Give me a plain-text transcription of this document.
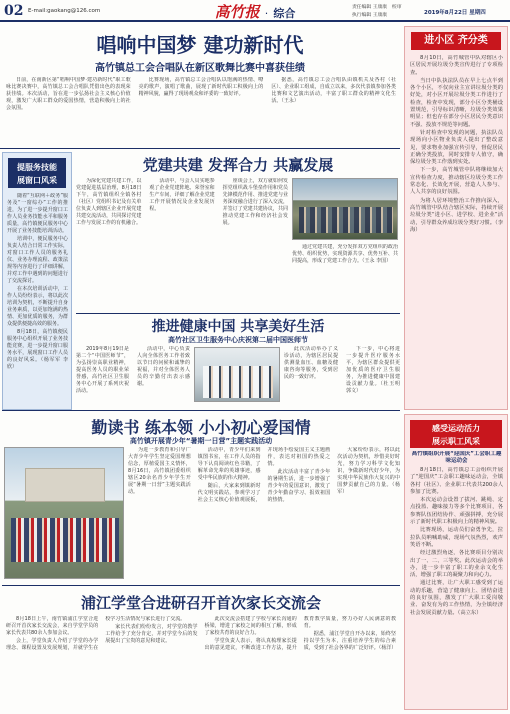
02 E-mail:gaokang@126.com	高竹报 · 综合	责任编辑 王康康　校审
执行编辑 王康康	2019年8月22日 星期四
唱响中国梦 建功新时代
高竹镇总工会合唱队在新区歌舞比赛中喜获佳绩

日前，在南新区第“唱响中国梦·建功新时代”职工歌咏比赛决赛中，高竹镇总工会合唱队凭借出色的表现荣获佳绩。本次活动，旨在进一步弘扬社会主义核心价值观，激发广大职工群众的爱国热情，营造积极向上的社会氛围。

比赛现场，高竹镇总工会合唱队以饱满的热情、嘹亮的歌声，演唱了歌曲，展现了新时代职工积极向上的精神风貌，赢得了现场观众和评委的一致好评。

据悉，高竹镇总工会合唱队由镇机关及各村（社区）、企业职工组成，自成立以来，多次代表镇参加各类比赛和文艺演出活动，丰富了职工群众的精神文化生活。（王永）

进小区 齐分类

8月10日，高竹城管中队对辖区小区居民开展垃圾分类宣传进行了专项检查。

当日中队执法队员在早上七点半到各个小区，不仅向业主宣讲垃圾分类的好处，对小区开展垃圾分类工作进行了检查，检查中发现，部分小区分类桶设置规范，引导标识清晰，垃圾分类效果明显；但也存在部分小区居民分类意识不强、投放不规范等问题。

针对检查中发现的问题，执法队员现场向小区物业负责人提出了整改意见，要求物业加强宣传引导，督促居民正确分类投放，同时安排专人值守，确保垃圾分类工作落到实处。

下一步，高竹城管中队将继续加大宣传检查力度，推动辖区垃圾分类工作常态化、长效化开展，营造人人参与、人人共享的良好氛围。

为将人居环境整治工作推向深入，高竹城管中队结合辖区实际，持续开展垃圾分类“进小区、进学校、进企业”活动，引导群众养成垃圾分类好习惯。（李海）

提服务技能
展窗口风采

随着“互联网＋政务”服务及“一窗综办”工作的推进，为了进一步提升窗口工作人员业务技能水平和服务质量，高竹镇便民服务中心开展了业务技能培训活动。

培训中，便民服务中心负责人结合日常工作实际，对窗口工作人员的服务礼仪、业务办理流程、政策法规等内容进行了详细讲解，并对工作中遇到的问题进行了交流探讨。

在本次培训活动中，工作人员纷纷表示，将以此次培训为契机，不断提升自身业务素质，以更加饱满的热情、更加优质的服务，为群众提供便捷高效的服务。

8月18日，高竹镇便民服务中心组织开展了业务技能竞赛，进一步提升窗口服务水平，展现窗口工作人员的良好风采。（杨军军 李欣）

党建共建 发挥合力 共赢发展

为深化党建共建工作，以党建促进基层治理，8月18日下午，高竹镇组织全镇各村（社区）党组织书记及有关单位负责人到辖区企业开展党建共建交流活动，共同探讨党建工作与发展工作的有机融合。

活动中，与会人员实地参观了企业党建阵地、荣誉室和生产车间，详细了解企业党建工作开展情况及企业发展历程。

座谈会上，双方就如何发挥党组织战斗堡垒作用和党员先锋模范作用、推进党建与业务深度融合进行了深入交流，并签订了党建共建协议，共同推动党建工作和经济社会发展。

通过党建共建，充分发挥双方党组织的政治优势、组织优势，实现资源共享、优势互补、共同提高，形成了党建工作合力。（王永 李国）

推进健康中国 共享美好生活
高竹社区卫生服务中心庆祝第二届中国医师节

2019年8月19日是第二个“中国医师节”，为弘扬崇高职业精神，提高医务人员的职业荣誉感，高竹社区卫生服务中心开展了系列庆祝活动。

活动中，中心负责人向全体医务工作者致以节日的问候和诚挚的祝福，并对全体医务人员的辛勤付出表示感谢。

此次活动举办了义诊活动，为辖区居民提供测量血压、血糖及健康咨询等服务，受到居民的一致好评。

下一步，中心将进一步提升医疗服务水平，为辖区群众提供更加优质的医疗卫生服务，为推进健康中国建设贡献力量。（杜玉明 郭文）

勤读书 练本领 小小初心爱国情
高竹镇开展青少年“暑期一日营”主题实践活动

为进一步教育和引导广大青少年学生坚定爱国理想信念，厚植爱国主义情怀，8月16日，高竹镇团委组织辖区20余名青少年学生开展“暑期一日营”主题实践活动。

活动中，青少年们来到镇图书室，在工作人员的指导下认真阅读红色书籍，了解革命先辈的英雄事迹，感受中华民族的伟大精神。

随后，大家来到镇新时代文明实践站，参观学习了社会主义核心价值观展板，并现场手绘爱国主义主题画作，表达对祖国的热爱之情。

此次活动丰富了青少年的暑期生活，进一步增强了青少年的爱国意识，激发了青少年勤奋学习、报效祖国的热情。

大家纷纷表示，将以此次活动为契机，珍惜美好时光，努力学习科学文化知识，争做新时代好少年，为实现中华民族伟大复兴的中国梦贡献自己的力量。（杨军）

感受运动活力
展示职工风采
高竹镇组织开展“迎国庆”工会职工趣味运动会

8月18日，高竹镇总工会组织开展了“迎国庆”工会职工趣味运动会，全镇各村（社区）、企业职工代表共200余人参加了比赛。

本次运动会设置了拔河、跳绳、定点投篮、趣味接力等多个比赛项目，各参赛队伍团结协作、顽强拼搏，充分展示了新时代职工积极向上的精神风貌。

比赛现场，运动员们奋勇争先，拉拉队员呐喊助威，现场气氛热烈，欢声笑语不断。

经过激烈角逐，各比赛项目分别决出了一、二、三等奖。此次运动会的举办，进一步丰富了职工的业余文化生活，增强了职工的凝聚力和向心力。

通过比赛，让广大职工感受到了运动的乐趣，营造了健康向上、团结奋进的良好氛围，激发了广大职工爱岗敬业、奋发有为的工作热情，为全镇经济社会发展贡献力量。（高立东）

浦江学堂合进研召开首次家长交流会

8月18日上午，南竹镇浦江学堂合进研召开首次家长交流会，来自学堂学员的家长代表共80余人参加会议。

会上，学堂负责人介绍了学堂的办学理念、课程设置及发展规划，并就学生在校学习生活情况与家长进行了交流。

家长代表们纷纷发言，对学堂的教学工作给予了充分肯定，并对学堂今后的发展提出了宝贵的意见和建议。

此次交流会搭建了学校与家长沟通的桥梁，增进了家校之间的相互了解，形成了家校共育的良好合力。

学堂负责人表示，将认真梳理家长提出的意见建议，不断改进工作方法，提升教育教学质量，努力办好人民满意的教育。

据悉，浦江学堂自开办以来，始终坚持以学生为本，注重培养学生的综合素质，受到了社会各界的广泛好评。（杨洋）
